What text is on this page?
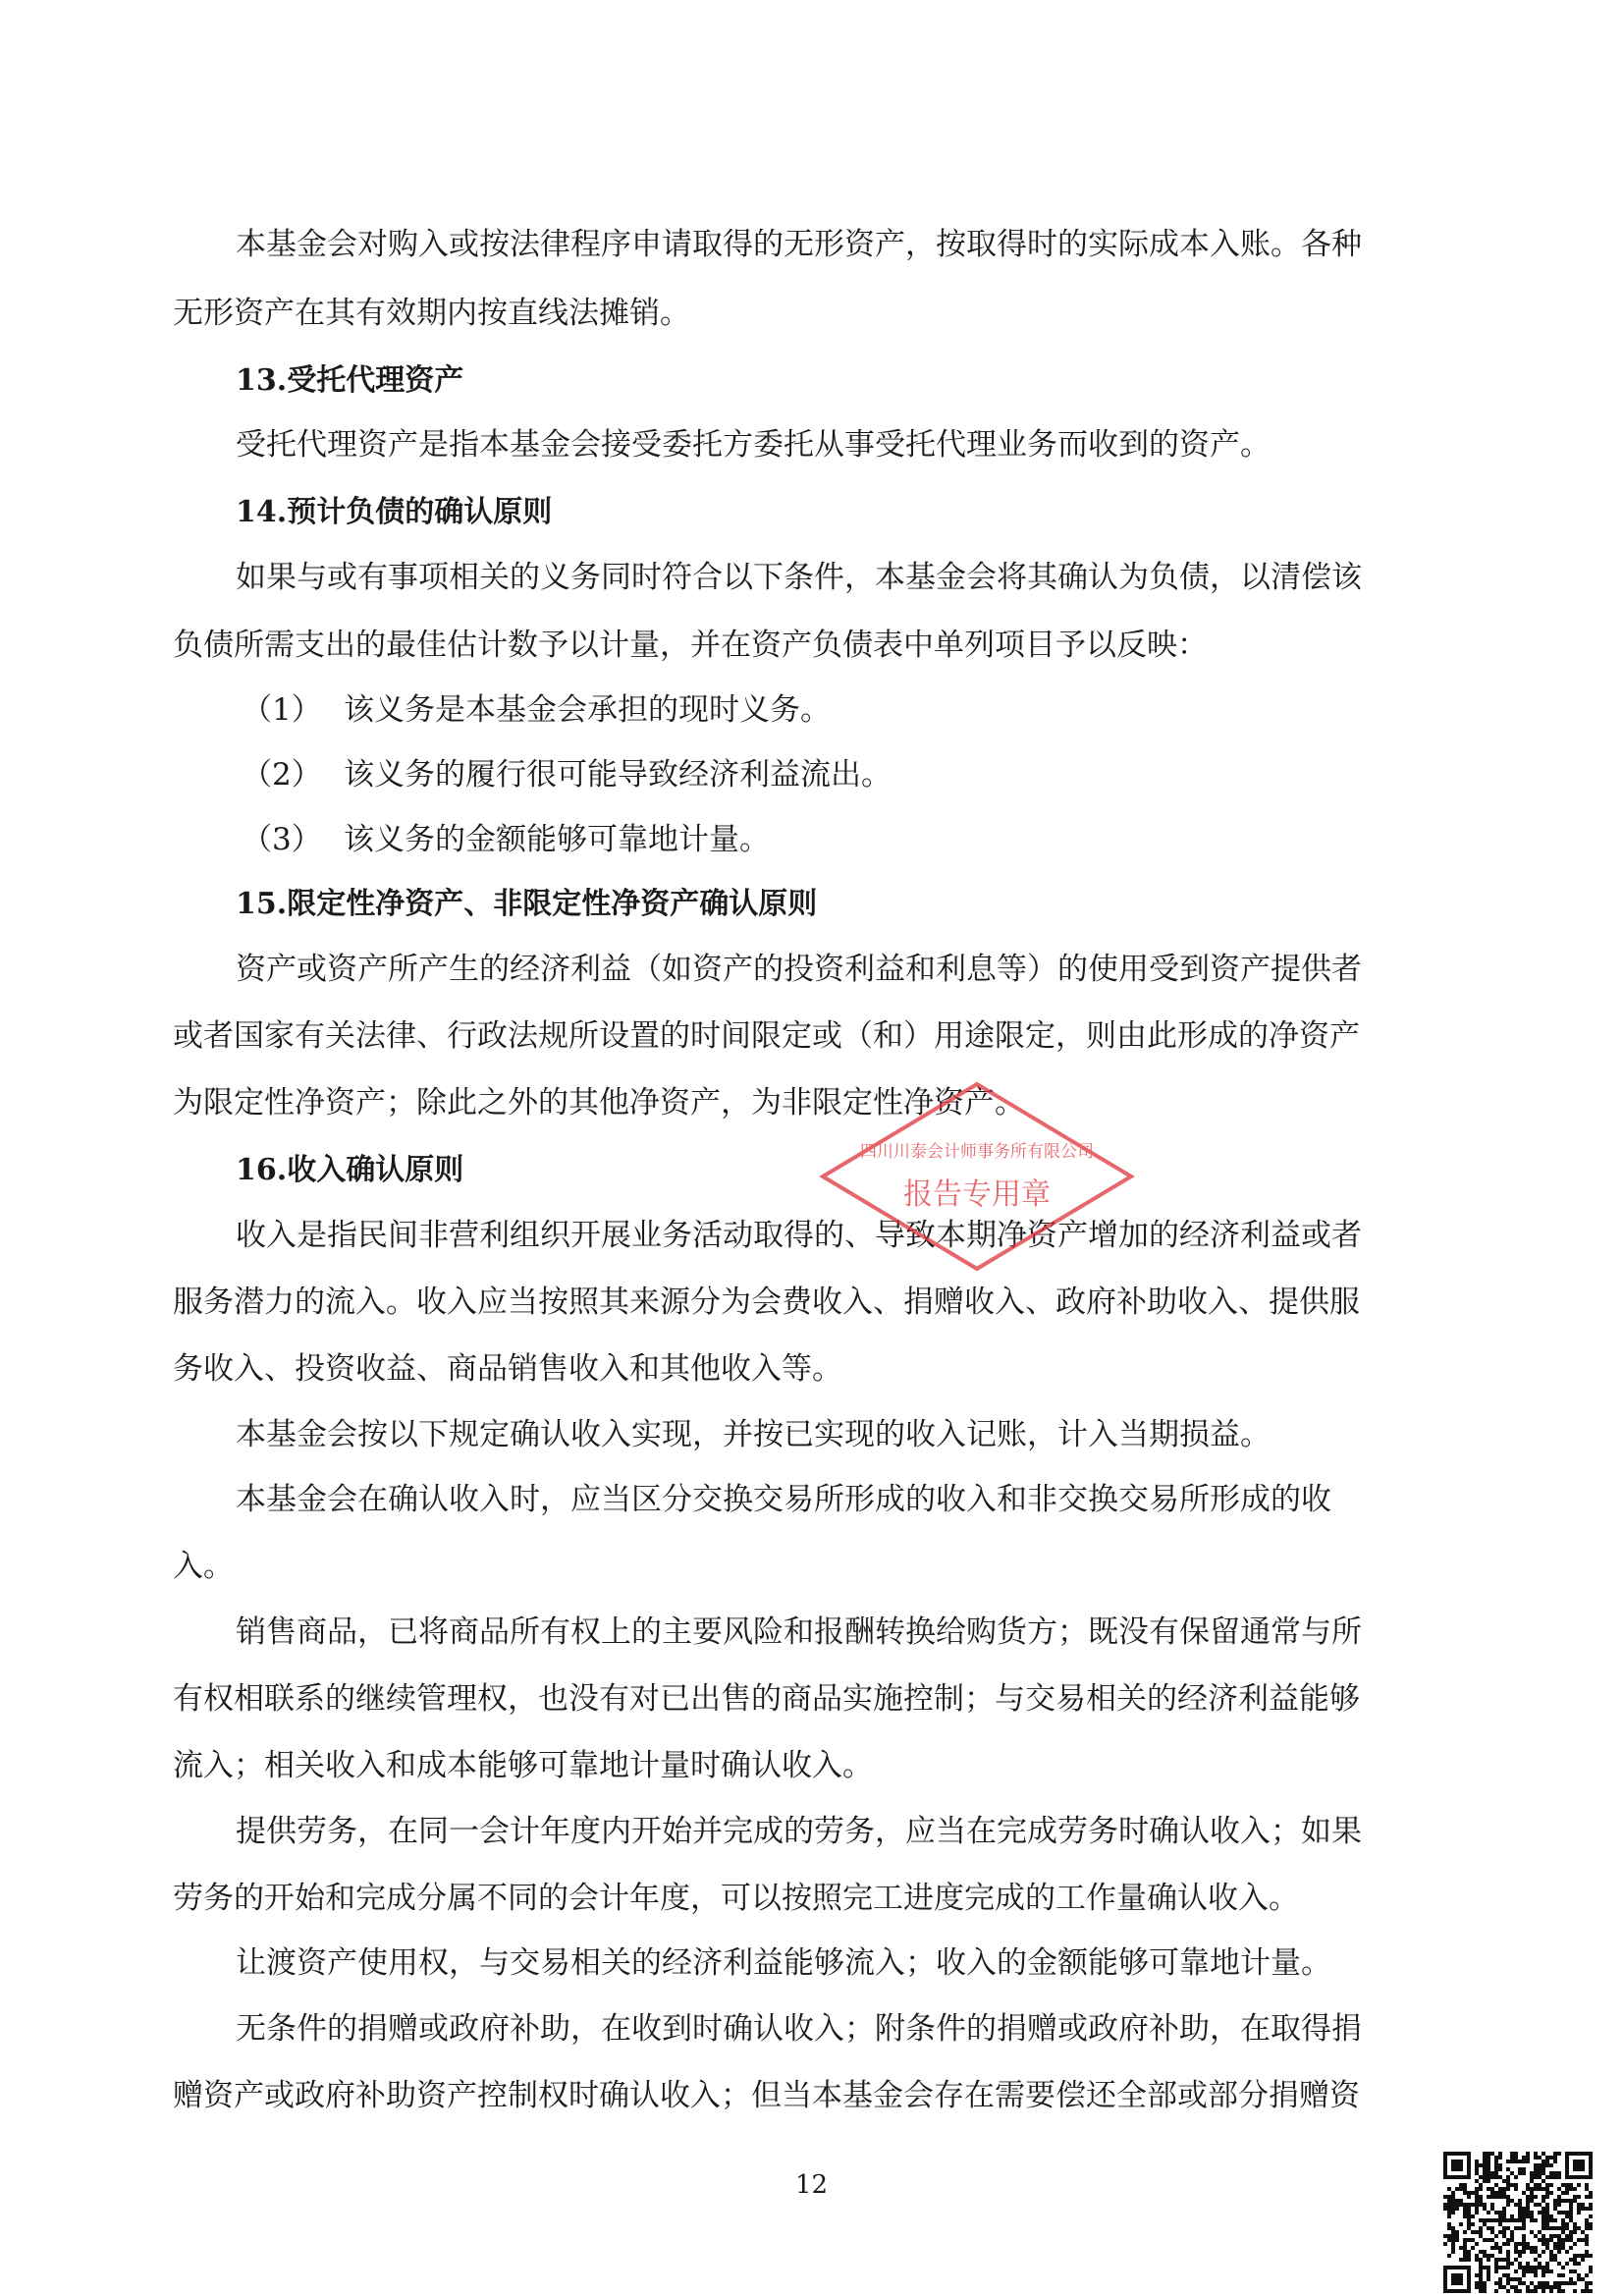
本基金会对购入或按法律程序申请取得的无形资产，按取得时的实际成本入账。各种
无形资产在其有效期内按直线法摊销。
13.受托代理资产
受托代理资产是指本基金会接受委托方委托从事受托代理业务而收到的资产。
14.预计负债的确认原则
如果与或有事项相关的义务同时符合以下条件，本基金会将其确认为负债，以清偿该
负债所需支出的最佳估计数予以计量，并在资产负债表中单列项目予以反映：
（1） 该义务是本基金会承担的现时义务。
（2） 该义务的履行很可能导致经济利益流出。
（3） 该义务的金额能够可靠地计量。
15.限定性净资产、非限定性净资产确认原则
资产或资产所产生的经济利益（如资产的投资利益和利息等）的使用受到资产提供者
或者国家有关法律、行政法规所设置的时间限定或（和）用途限定，则由此形成的净资产
为限定性净资产；除此之外的其他净资产，为非限定性净资产。
16.收入确认原则
收入是指民间非营利组织开展业务活动取得的、导致本期净资产增加的经济利益或者
服务潜力的流入。收入应当按照其来源分为会费收入、捐赠收入、政府补助收入、提供服
务收入、投资收益、商品销售收入和其他收入等。
本基金会按以下规定确认收入实现，并按已实现的收入记账，计入当期损益。
本基金会在确认收入时，应当区分交换交易所形成的收入和非交换交易所形成的收
入。
销售商品，已将商品所有权上的主要风险和报酬转换给购货方；既没有保留通常与所
有权相联系的继续管理权，也没有对已出售的商品实施控制；与交易相关的经济利益能够
流入；相关收入和成本能够可靠地计量时确认收入。
提供劳务，在同一会计年度内开始并完成的劳务，应当在完成劳务时确认收入；如果
劳务的开始和完成分属不同的会计年度，可以按照完工进度完成的工作量确认收入。
让渡资产使用权，与交易相关的经济利益能够流入；收入的金额能够可靠地计量。
无条件的捐赠或政府补助，在收到时确认收入；附条件的捐赠或政府补助，在取得捐
赠资产或政府补助资产控制权时确认收入；但当本基金会存在需要偿还全部或部分捐赠资
12
四川川泰会计师事务所有限公司
报告专用章
